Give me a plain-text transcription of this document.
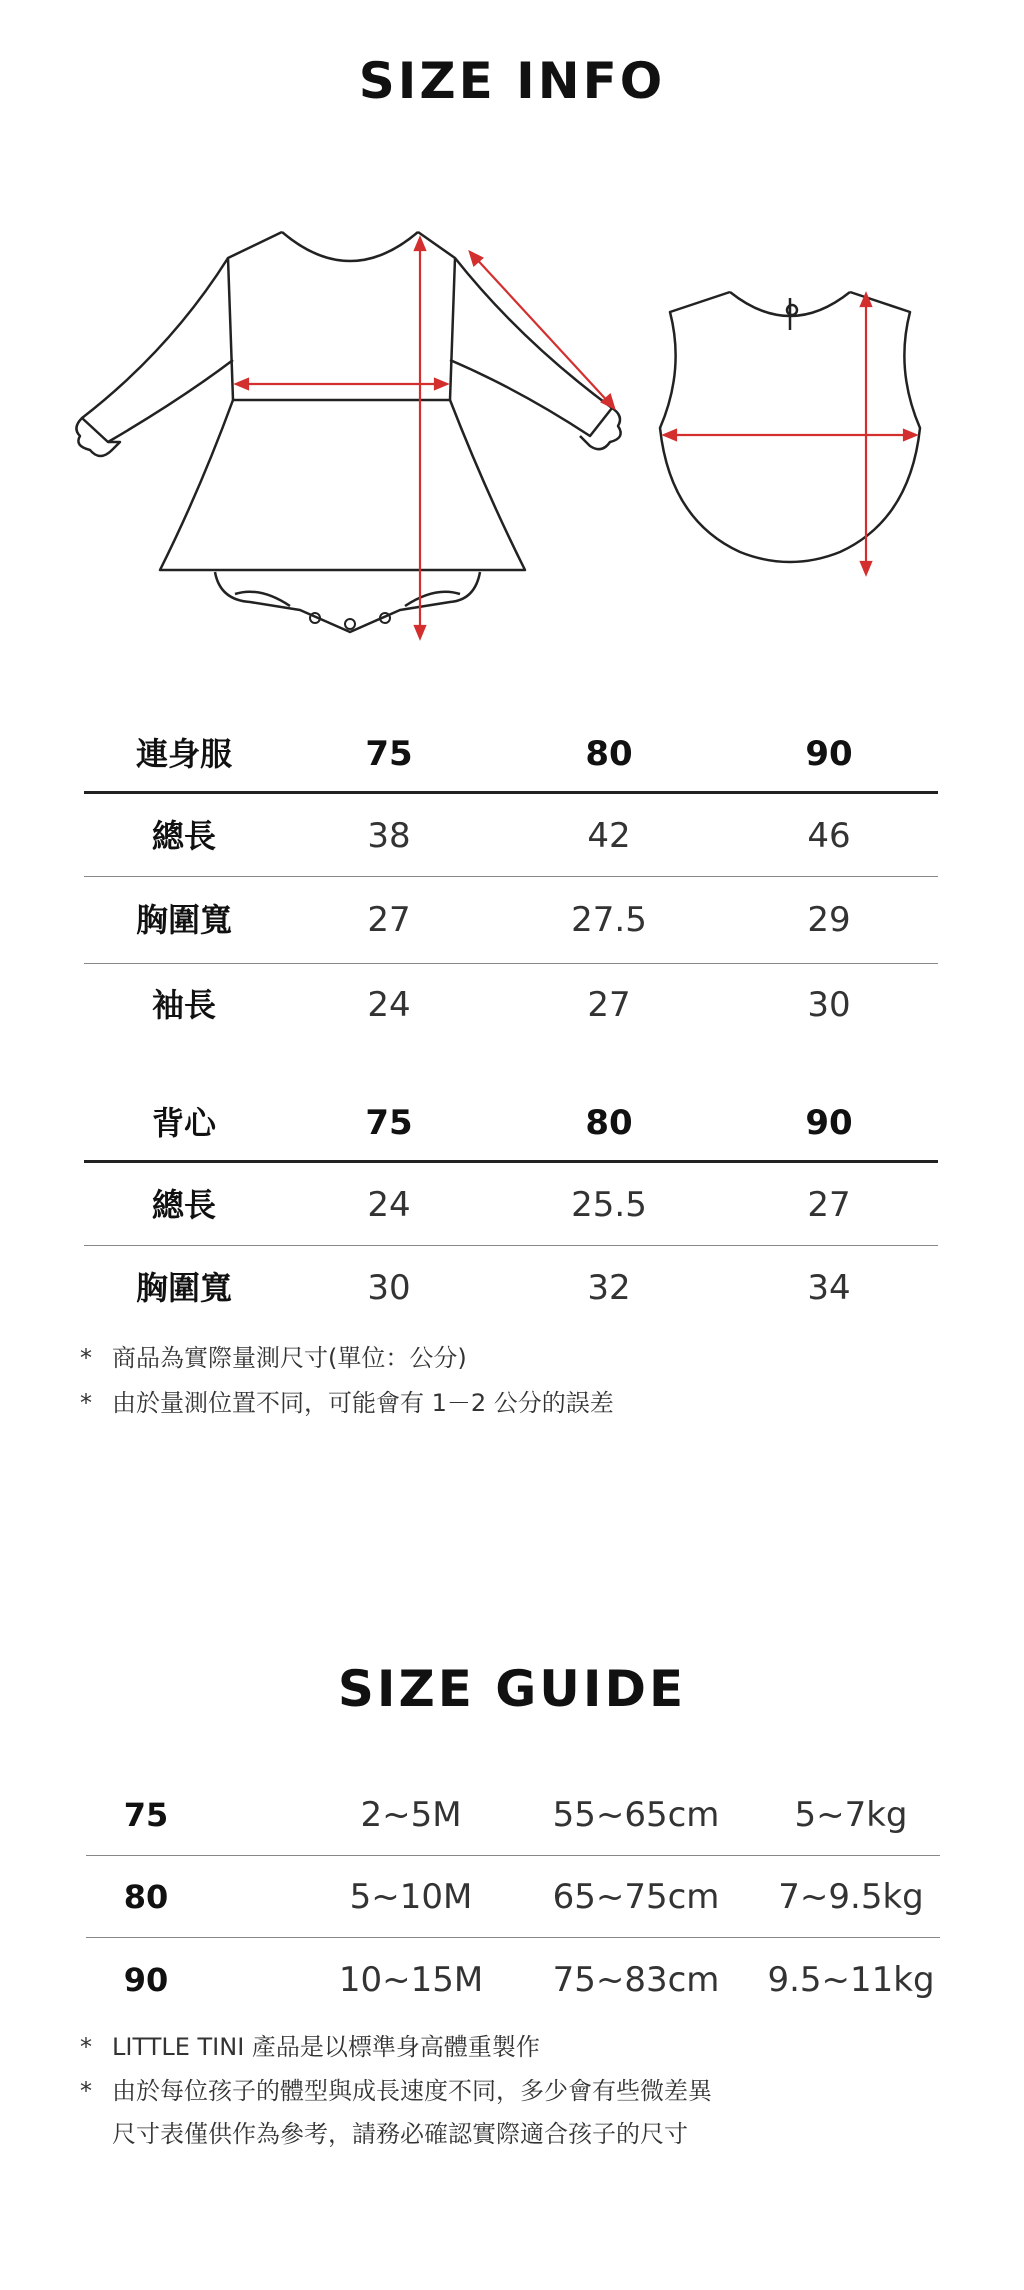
SIZE INFO
連身服	75	80	90
總長	38	42	46
胸圍寬	27	27.5	29
袖長	24	27	30
背心	75	80	90
總長	24	25.5	27
胸圍寬	30	32	34
* 商品為實際量測尺寸(單位：公分)
* 由於量測位置不同，可能會有 1－2 公分的誤差
SIZE GUIDE
75	2~5M	55~65cm	5~7kg
80	5~10M	65~75cm	7~9.5kg
90	10~15M	75~83cm	9.5~11kg
* LITTLE TINI 產品是以標準身高體重製作
* 由於每位孩子的體型與成長速度不同，多少會有些微差異
尺寸表僅供作為參考，請務必確認實際適合孩子的尺寸
